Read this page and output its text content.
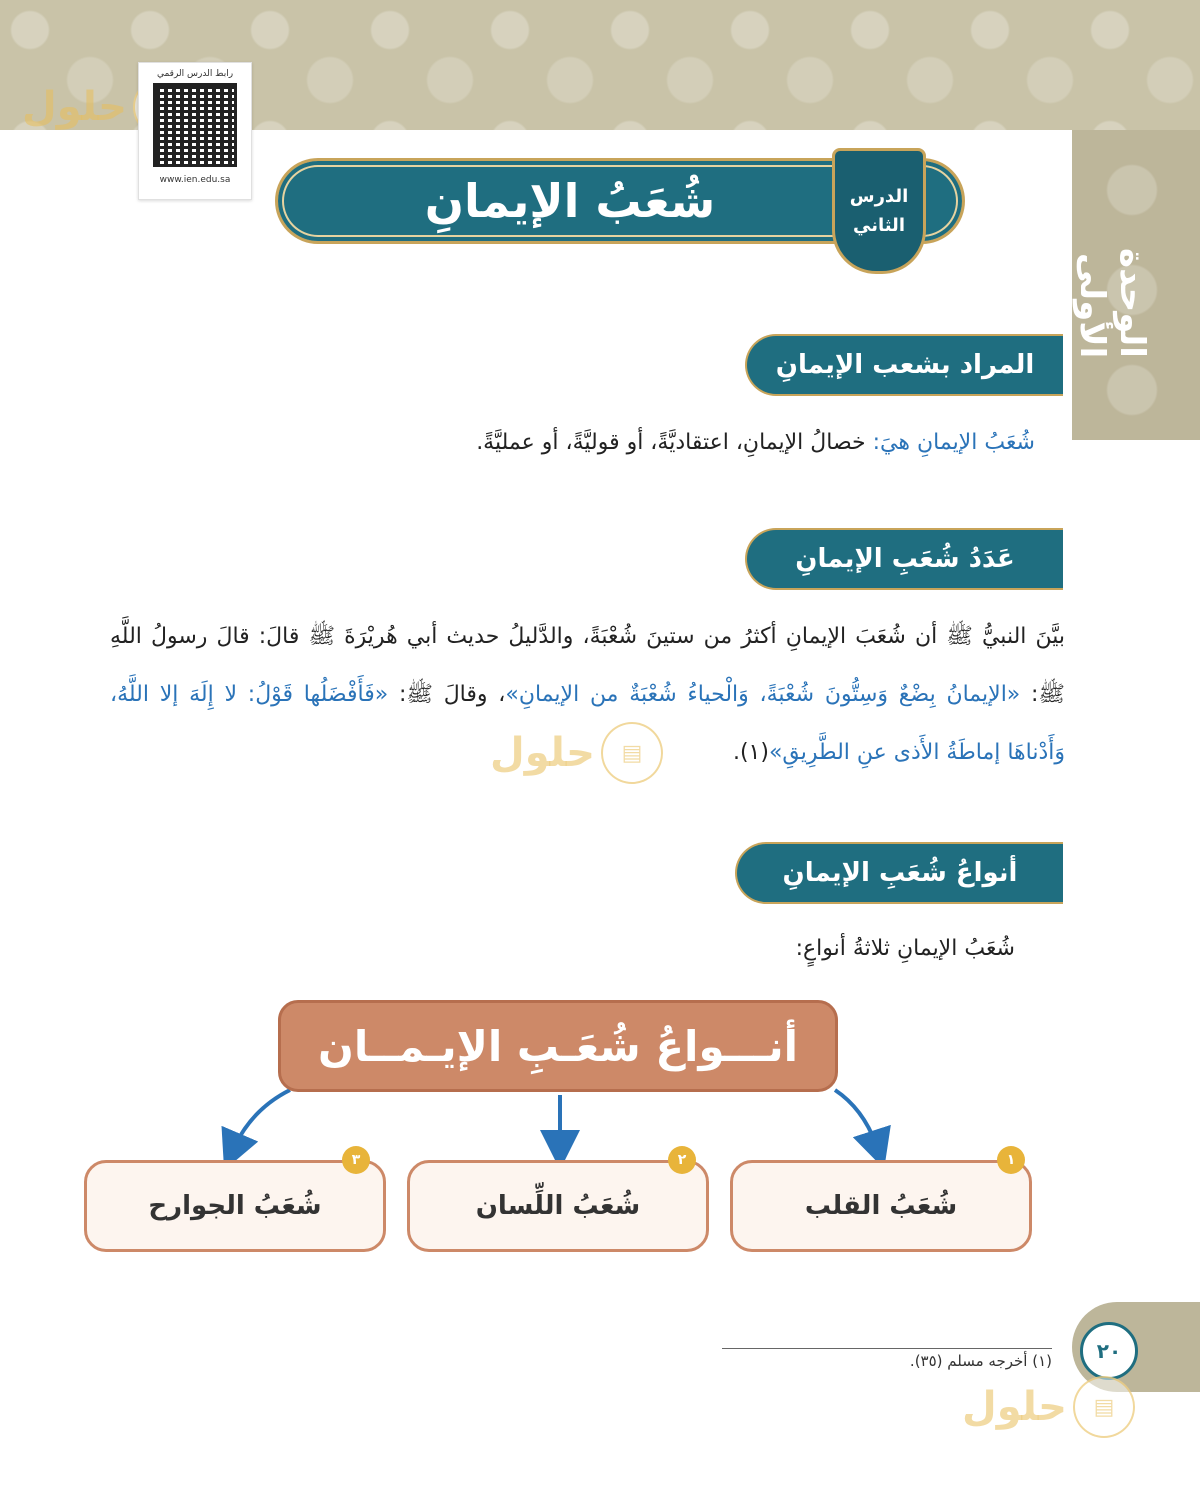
الوحدة الأولى
حلول
رابط الدرس الرقمي
www.ien.edu.sa	شُعَبُ الإيمانِ	الدرس
الثاني
المراد بشعب الإيمانِ
شُعَبُ الإيمانِ هيَ: خصالُ الإيمانِ، اعتقاديَّةً، أو قوليَّةً، أو عمليَّةً.
عَدَدُ شُعَبِ الإيمانِ
بيَّنَ النبيُّ ﷺ أن شُعَبَ الإيمانِ أكثرُ من ستينَ شُعْبَةً، والدَّليلُ حديث أبي هُريْرَةَ ﷺ قالَ: قالَ رسولُ اللَّهِ ﷺ: «الإيمانُ بِضْعٌ وَسِتُّونَ شُعْبَةً، وَالْحياءُ شُعْبَةٌ من الإيمانِ»، وقالَ ﷺ: «فَأَفْضَلُها قَوْلُ: لا إِلَهَ إلا اللَّهُ، وَأَدْناهَا إماطَةُ الأَذى عنِ الطَّرِيقِ»(١).
▤
حلول
أنواعُ شُعَبِ الإيمانِ
شُعَبُ الإيمانِ ثلاثةُ أنواعٍ:
أنـــواعُ شُعَـبِ الإيـمــان
شُعَبُ القلب
١
شُعَبُ اللِّسان
٢
شُعَبُ الجوارح
٣
(١) أخرجه مسلم (٣٥).	٢٠
▤
حلول
